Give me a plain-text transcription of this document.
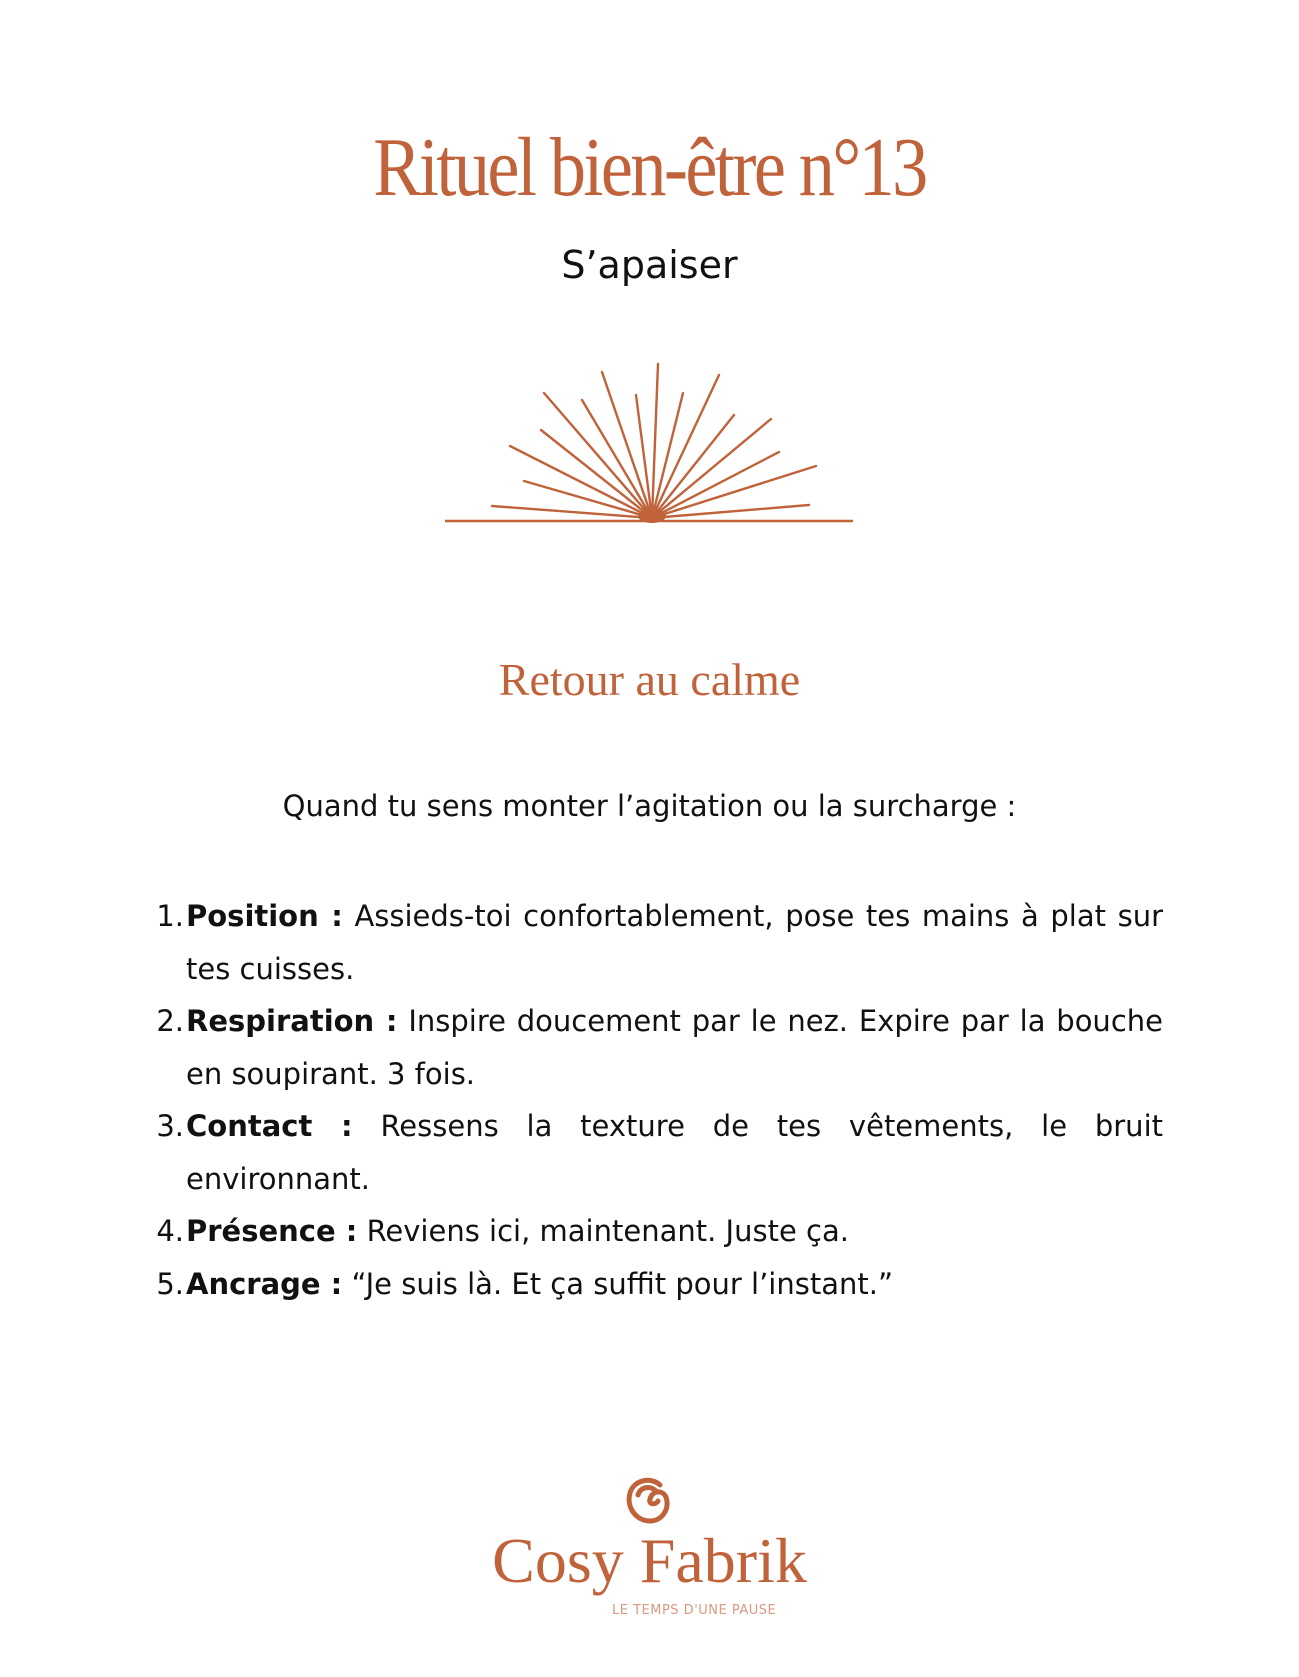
Rituel bien-être n°13
S’apaiser
Retour au calme
Quand tu sens monter l’agitation ou la surcharge :
1. Position : Assieds-toi confortablement, pose tes mains à plat sur tes cuisses.
2. Respiration : Inspire doucement par le nez. Expire par la bouche en soupirant. 3 fois.
3. Contact : Ressens la texture de tes vêtements, le bruit environnant.
4. Présence : Reviens ici, maintenant. Juste ça.
5. Ancrage : “Je suis là. Et ça suffit pour l’instant.”
Cosy Fabrik
LE TEMPS D'UNE PAUSE
